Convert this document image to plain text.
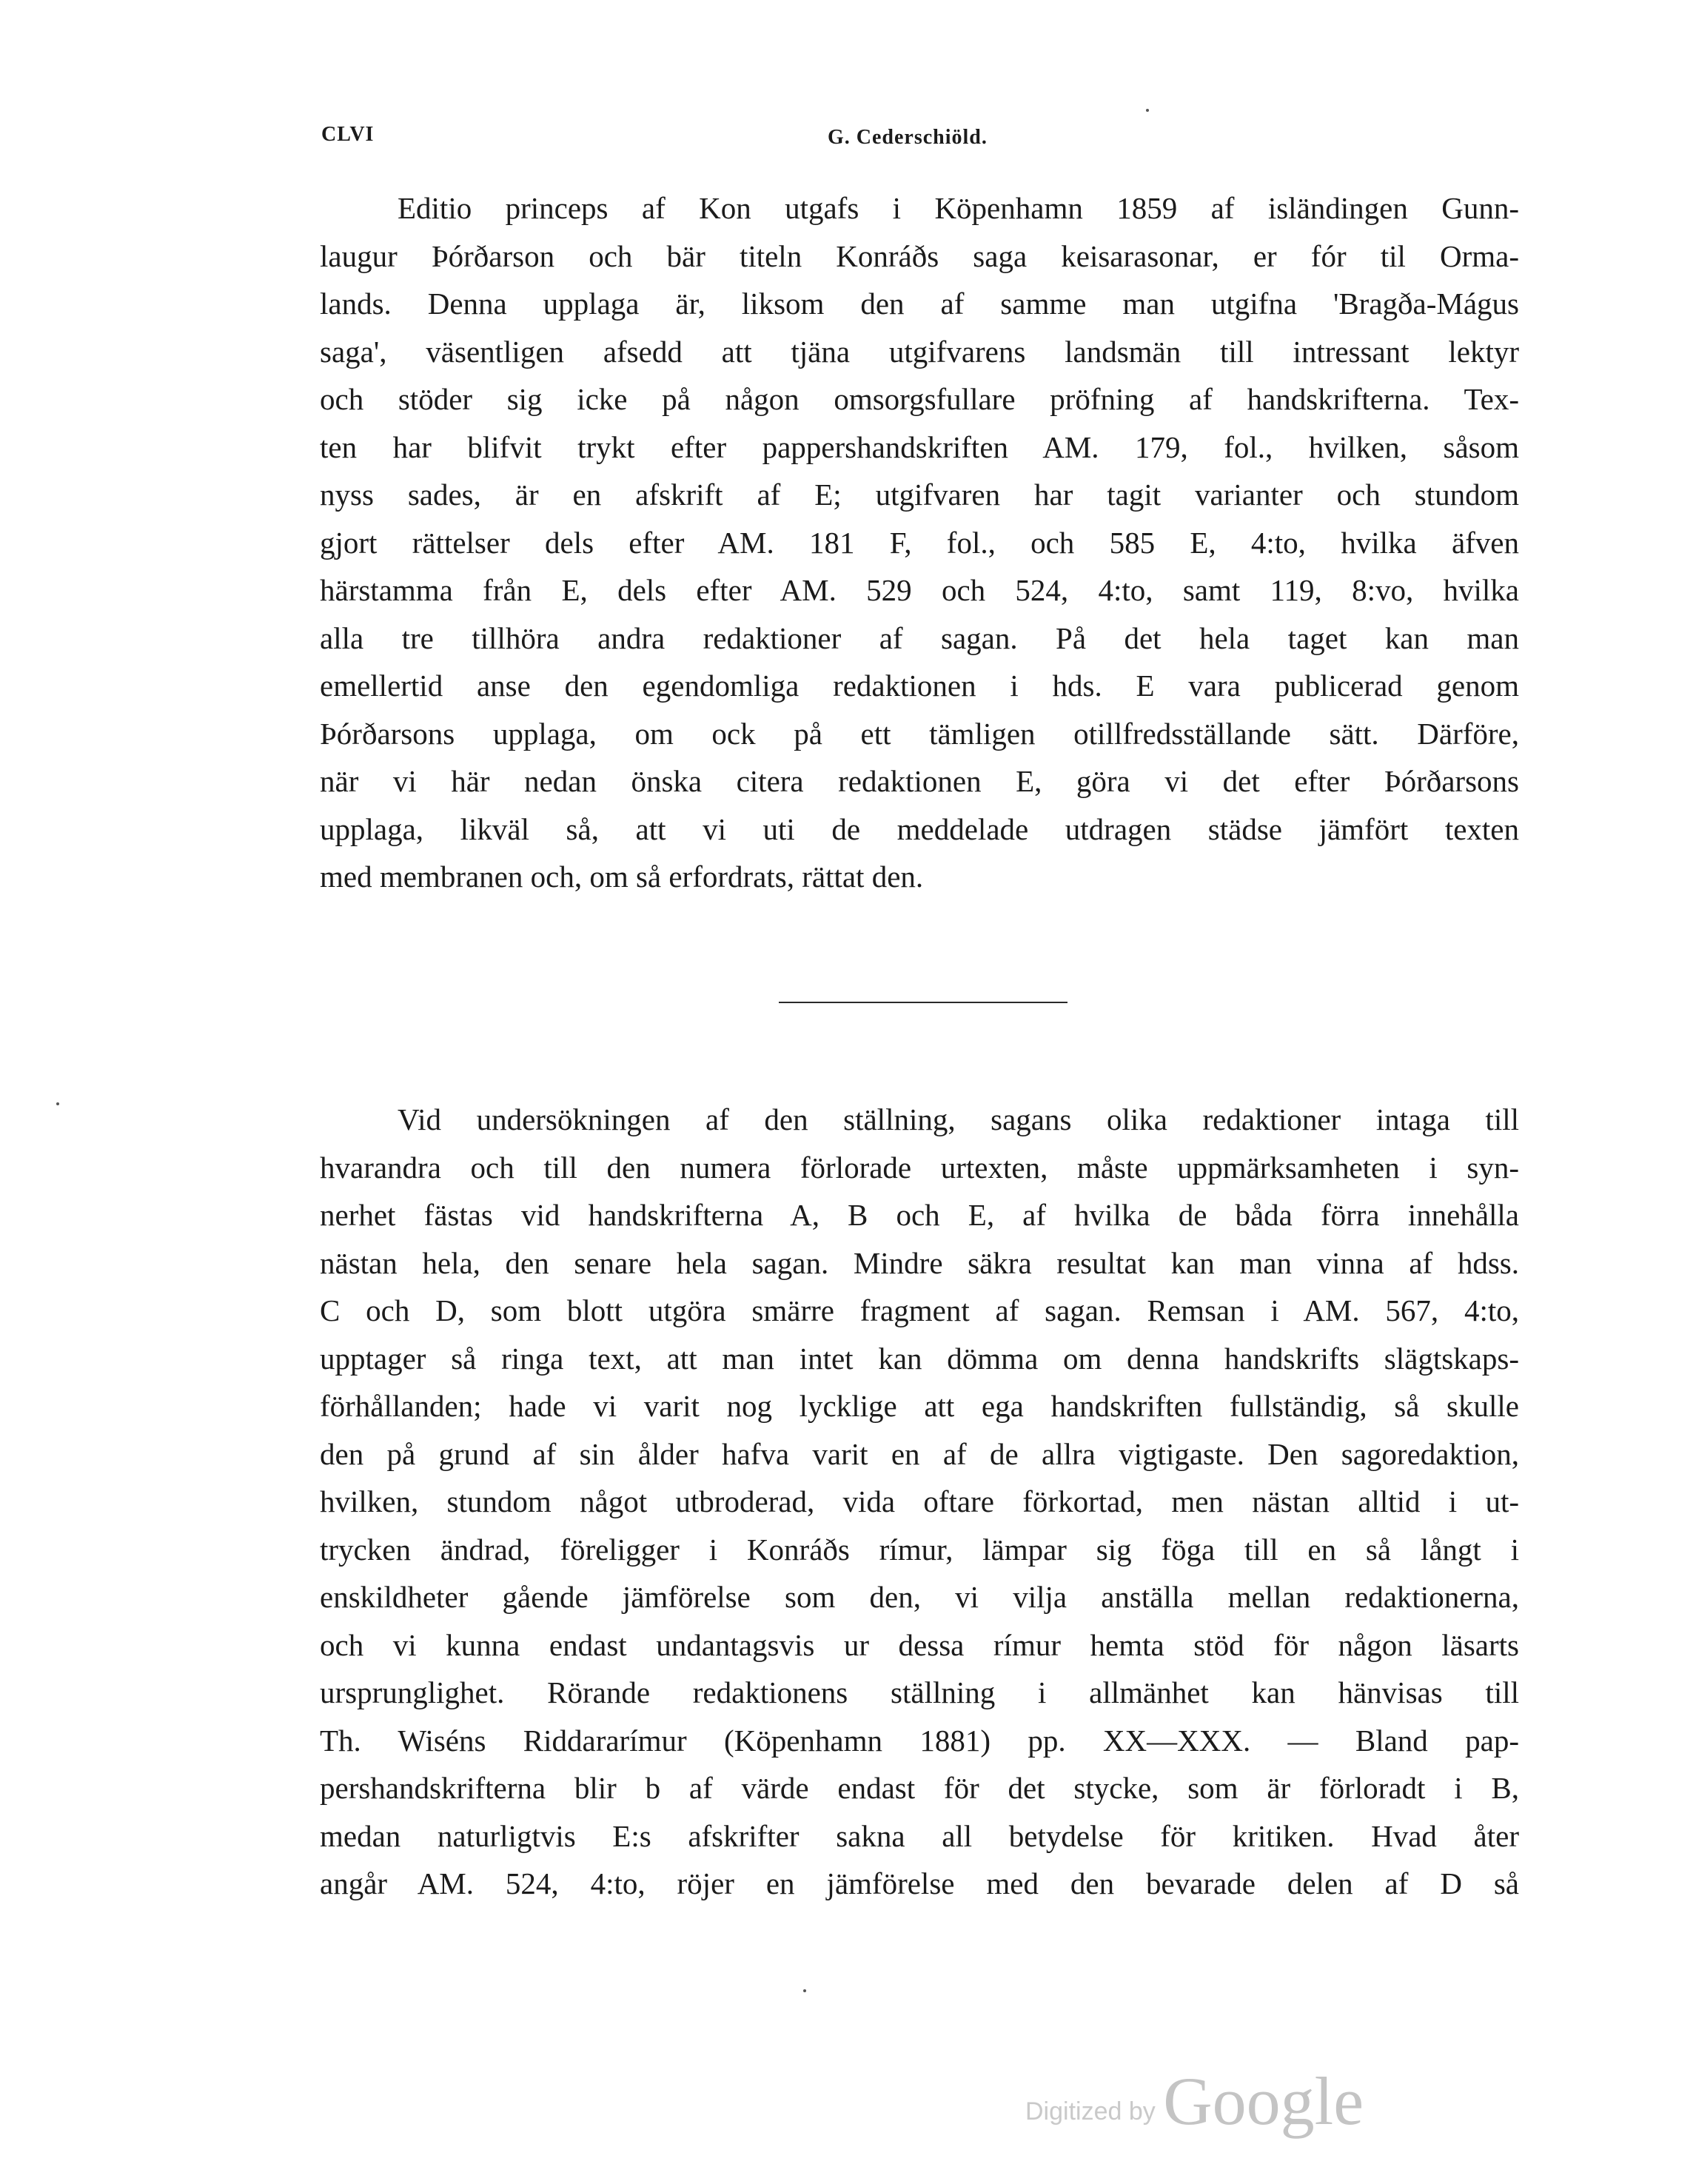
CLVI	G. Cederschiöld.
Editio princeps af Kon utgafs i Köpenhamn 1859 af isländingen Gunn-
laugur Þórðarson och bär titeln Konráðs saga keisarasonar, er fór til Orma-
lands. Denna upplaga är, liksom den af samme man utgifna 'Bragða-Mágus
saga', väsentligen afsedd att tjäna utgifvarens landsmän till intressant lektyr
och stöder sig icke på någon omsorgsfullare pröfning af handskrifterna. Tex-
ten har blifvit trykt efter pappershandskriften AM. 179, fol., hvilken, såsom
nyss sades, är en afskrift af E; utgifvaren har tagit varianter och stundom
gjort rättelser dels efter AM. 181 F, fol., och 585 E, 4:to, hvilka äfven
härstamma från E, dels efter AM. 529 och 524, 4:to, samt 119, 8:vo, hvilka
alla tre tillhöra andra redaktioner af sagan. På det hela taget kan man
emellertid anse den egendomliga redaktionen i hds. E vara publicerad genom
Þórðarsons upplaga, om ock på ett tämligen otillfredsställande sätt. Därföre,
när vi här nedan önska citera redaktionen E, göra vi det efter Þórðarsons
upplaga, likväl så, att vi uti de meddelade utdragen städse jämfört texten
med membranen och, om så erfordrats, rättat den.
Vid undersökningen af den ställning, sagans olika redaktioner intaga till
hvarandra och till den numera förlorade urtexten, måste uppmärksamheten i syn-
nerhet fästas vid handskrifterna A, B och E, af hvilka de båda förra innehålla
nästan hela, den senare hela sagan. Mindre säkra resultat kan man vinna af hdss.
C och D, som blott utgöra smärre fragment af sagan. Remsan i AM. 567, 4:to,
upptager så ringa text, att man intet kan dömma om denna handskrifts slägtskaps-
förhållanden; hade vi varit nog lycklige att ega handskriften fullständig, så skulle
den på grund af sin ålder hafva varit en af de allra vigtigaste. Den sagoredaktion,
hvilken, stundom något utbroderad, vida oftare förkortad, men nästan alltid i ut-
trycken ändrad, föreligger i Konráðs rímur, lämpar sig föga till en så långt i
enskildheter gående jämförelse som den, vi vilja anställa mellan redaktionerna,
och vi kunna endast undantagsvis ur dessa rímur hemta stöd för någon läsarts
ursprunglighet. Rörande redaktionens ställning i allmänhet kan hänvisas till
Th. Wiséns Riddararímur (Köpenhamn 1881) pp. XX—XXX. — Bland pap-
pershandskrifterna blir b af värde endast för det stycke, som är förloradt i B,
medan naturligtvis E:s afskrifter sakna all betydelse för kritiken. Hvad åter
angår AM. 524, 4:to, röjer en jämförelse med den bevarade delen af D så
Digitized by Google
